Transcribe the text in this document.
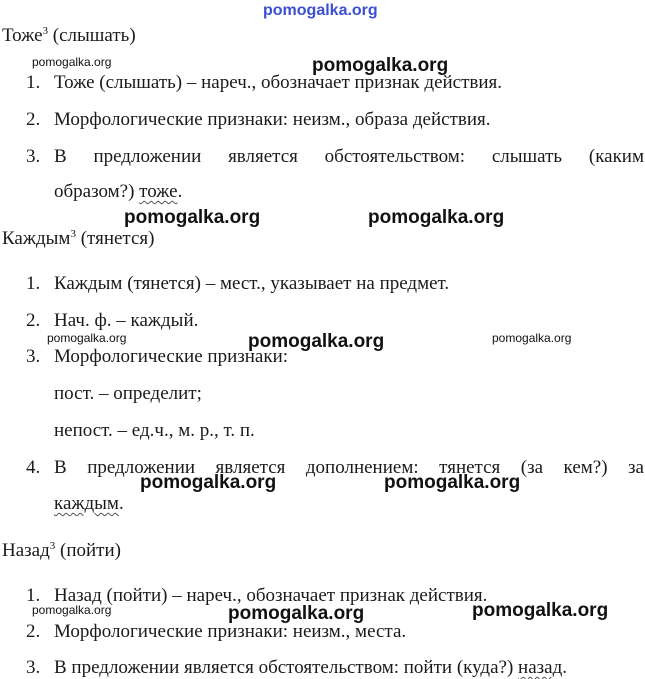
Тоже$^3$ (слышать)
1. Тоже (слышать) – нареч., обозначает признак действия.
2. Морфологические признаки: неизм., образа действия.
3. В предложении является обстоятельством: слышать (каким
образом?) тоже.
Каждым$^3$ (тянется)
1. Каждым (тянется) – мест., указывает на предмет.
2. Нач. ф. – каждый.
3. Морфологические признаки:
пост. – определит;
непост. – ед.ч., м. р., т. п.
4. В предложении является дополнением: тянется (за кем?) за
каждым.
Назад$^3$ (пойти)
1. Назад (пойти) – нареч., обозначает признак действия.
2. Морфологические признаки: неизм., места.
3. В предложении является обстоятельством: пойти (куда?) назад.
pomogalka.org
pomogalka.org	pomogalka.org
pomogalka.org	pomogalka.org
pomogalka.org	pomogalka.org	pomogalka.org
pomogalka.org	pomogalka.org
pomogalka.org	pomogalka.org	pomogalka.org
